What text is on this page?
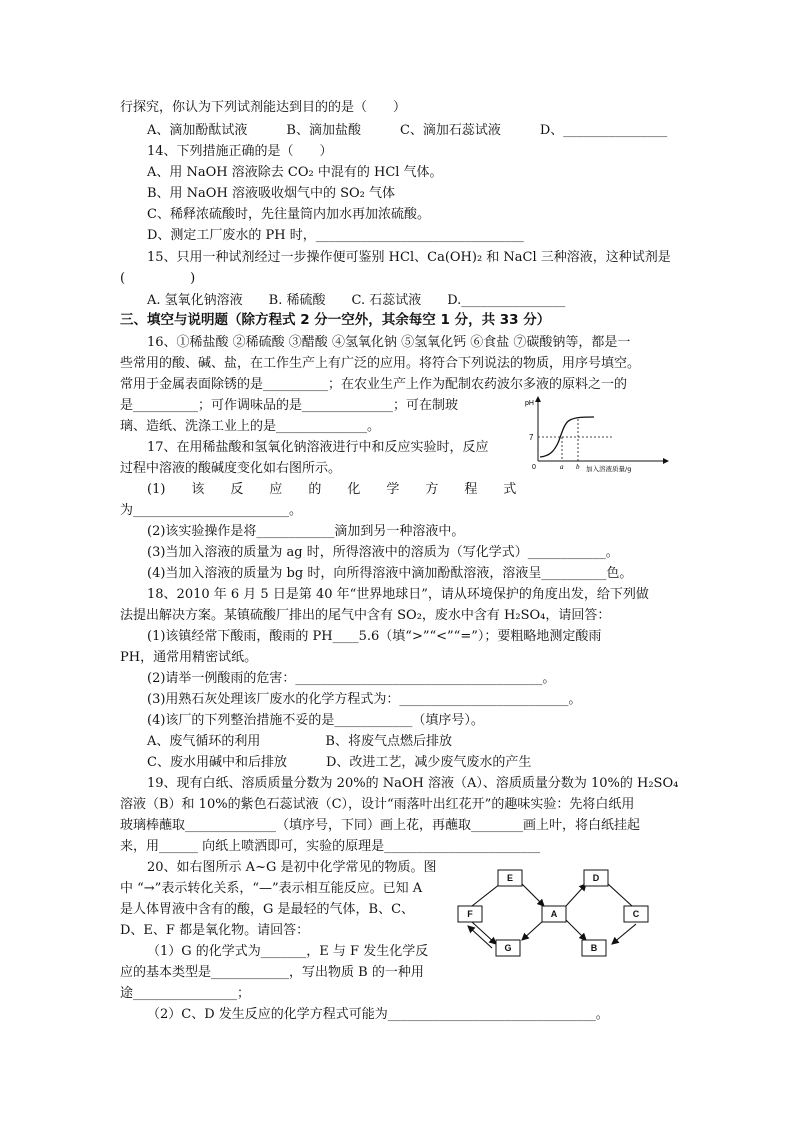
行探究，你认为下列试剂能达到目的的是（　　）
A、滴加酚酞试液　　　B、滴加盐酸　　　C、滴加石蕊试液　　　D、________________
14、下列措施正确的是（　　）
A、用 NaOH 溶液除去 CO₂ 中混有的 HCl 气体。
B、用 NaOH 溶液吸收烟气中的 SO₂ 气体
C、稀释浓硫酸时，先往量筒内加水再加浓硫酸。
D、测定工厂废水的 PH 时，________________________________
15、只用一种试剂经过一步操作便可鉴别 HCl、Ca(OH)₂ 和 NaCl 三种溶液，这种试剂是
(　　　　　)
A. 氢氧化钠溶液　　B. 稀硫酸　　C. 石蕊试液　　D.________________
三、填空与说明题（除方程式 2 分一空外，其余每空 1 分，共 33 分）
16、①稀盐酸 ②稀硫酸 ③醋酸 ④氢氧化钠 ⑤氢氧化钙 ⑥食盐 ⑦碳酸钠等，都是一
些常用的酸、碱、盐，在工作生产上有广泛的应用。将符合下列说法的物质，用序号填空。
常用于金属表面除锈的是__________；在农业生产上作为配制农药波尔多液的原料之一的
是__________；可作调味品的是______________；可在制玻
璃、造纸、洗涤工业上的是______________。
17、在用稀盐酸和氢氧化钠溶液进行中和反应实验时，反应
过程中溶液的酸碱度变化如右图所示。
(1)　　该　　反　　应　　的　　化　　学　　方　　程　　式
为________________________。
(2)该实验操作是将____________滴加到另一种溶液中。
(3)当加入溶液的质量为 ag 时，所得溶液中的溶质为（写化学式）____________。
(4)当加入溶液的质量为 bg 时，向所得溶液中滴加酚酞溶液，溶液呈__________色。
18、2010 年 6 月 5 日是第 40 年“世界地球日”，请从环境保护的角度出发，给下列做
法提出解决方案。某镇硫酸厂排出的尾气中含有 SO₂，废水中含有 H₂SO₄，请回答：
(1)该镇经常下酸雨，酸雨的 PH____5.6（填“>”“<”“=”）；要粗略地测定酸雨
PH，通常用精密试纸。
(2)请举一例酸雨的危害：______________________________________。
(3)用熟石灰处理该厂废水的化学方程式为：__________________________。
(4)该厂的下列整治措施不妥的是____________（填序号）。
A、废气循环的利用　　　　　B、将废气点燃后排放
C、废水用碱中和后排放　　　D、改进工艺，减少废气废水的产生
19、现有白纸、溶质质量分数为 20%的 NaOH 溶液（A）、溶质质量分数为 10%的 H₂SO₄
溶液（B）和 10%的紫色石蕊试液（C），设计“雨落叶出红花开”的趣味实验：先将白纸用
玻璃棒蘸取______________（填序号，下同）画上花，再蘸取________画上叶，将白纸挂起
来，用______ 向纸上喷洒即可，实验的原理是________________________
20、如右图所示 A~G 是初中化学常见的物质。图
中 “→”表示转化关系，“—”表示相互能反应。已知 A
是人体胃液中含有的酸，G 是最轻的气体，B、C、
D、E、F 都是氧化物。请回答：
（1）G 的化学式为_______，E 与 F 发生化学反
应的基本类型是____________，写出物质 B 的一种用
途________________；
（2）C、D 发生反应的化学方程式可能为________________________________。
pH
7
0	a b 加入溶液质量/g
E	D
F	A	C
G	B
